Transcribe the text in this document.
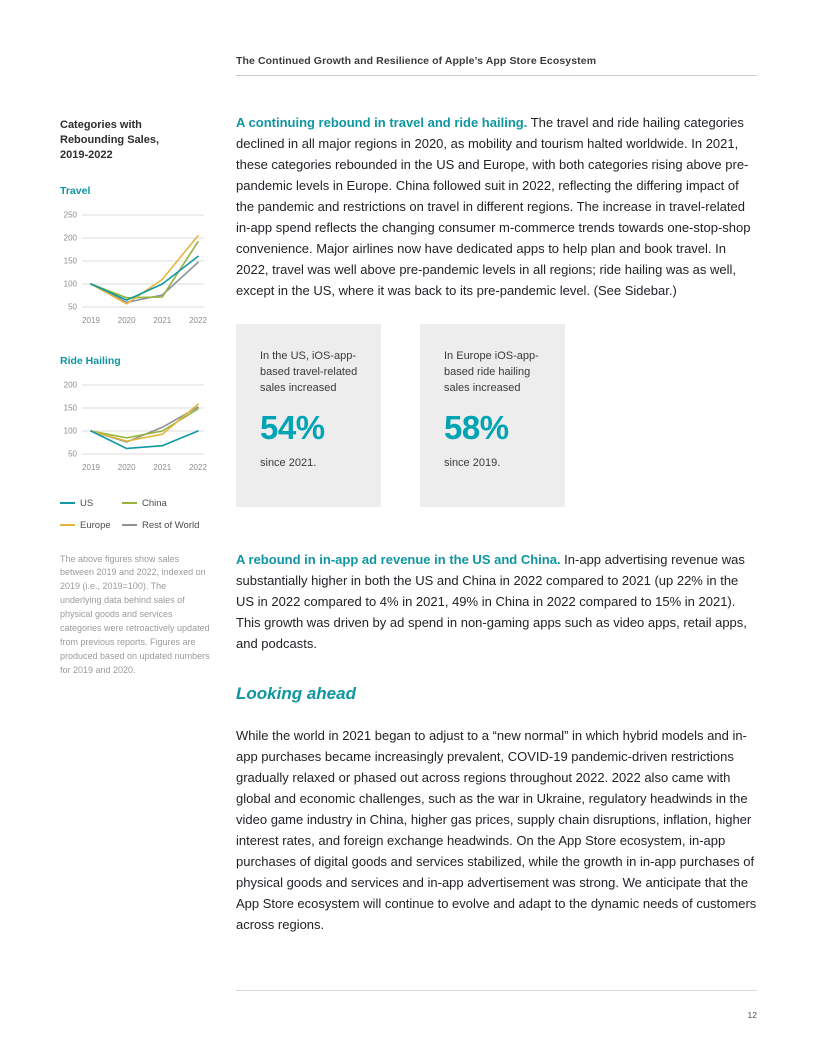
The Continued Growth and Resilience of Apple’s App Store Ecosystem
Categories with Rebounding Sales, 2019-2022
Travel
250
200
150
100
50
2019 2020 2021 2022
Ride Hailing
200
150
100
50
2019 2020 2021 2022
US	China
Europe	Rest of World
The above figures show sales between 2019 and 2022, indexed on 2019 (i.e., 2019=100). The underlying data behind sales of physical goods and services categories were retroactively updated from previous reports. Figures are produced based on updated numbers for 2019 and 2020.

A continuing rebound in travel and ride hailing. The travel and ride hailing categories declined in all major regions in 2020, as mobility and tourism halted worldwide. In 2021, these categories rebounded in the US and Europe, with both categories rising above pre-pandemic levels in Europe. China followed suit in 2022, reflecting the differing impact of the pandemic and restrictions on travel in different regions. The increase in travel-related in-app spend reflects the changing consumer m-commerce trends towards one-stop-shop convenience. Major airlines now have dedicated apps to help plan and book travel. In 2022, travel was well above pre-pandemic levels in all regions; ride hailing was as well, except in the US, where it was back to its pre-pandemic level. (See Sidebar.)

In the US, iOS-app-based travel-related sales increased
54%
since 2021.
In Europe iOS-app-based ride hailing sales increased
58%
since 2019.

A rebound in in-app ad revenue in the US and China. In-app advertising revenue was substantially higher in both the US and China in 2022 compared to 2021 (up 22% in the US in 2022 compared to 4% in 2021, 49% in China in 2022 compared to 15% in 2021). This growth was driven by ad spend in non-gaming apps such as video apps, retail apps, and podcasts.

Looking ahead

While the world in 2021 began to adjust to a “new normal” in which hybrid models and in-app purchases became increasingly prevalent, COVID-19 pandemic-driven restrictions gradually relaxed or phased out across regions throughout 2022. 2022 also came with global and economic challenges, such as the war in Ukraine, regulatory headwinds in the video game industry in China, higher gas prices, supply chain disruptions, inflation, higher interest rates, and foreign exchange headwinds. On the App Store ecosystem, in-app purchases of digital goods and services stabilized, while the growth in in-app purchases of physical goods and services and in-app advertisement was strong. We anticipate that the App Store ecosystem will continue to evolve and adapt to the dynamic needs of customers across regions.

12
